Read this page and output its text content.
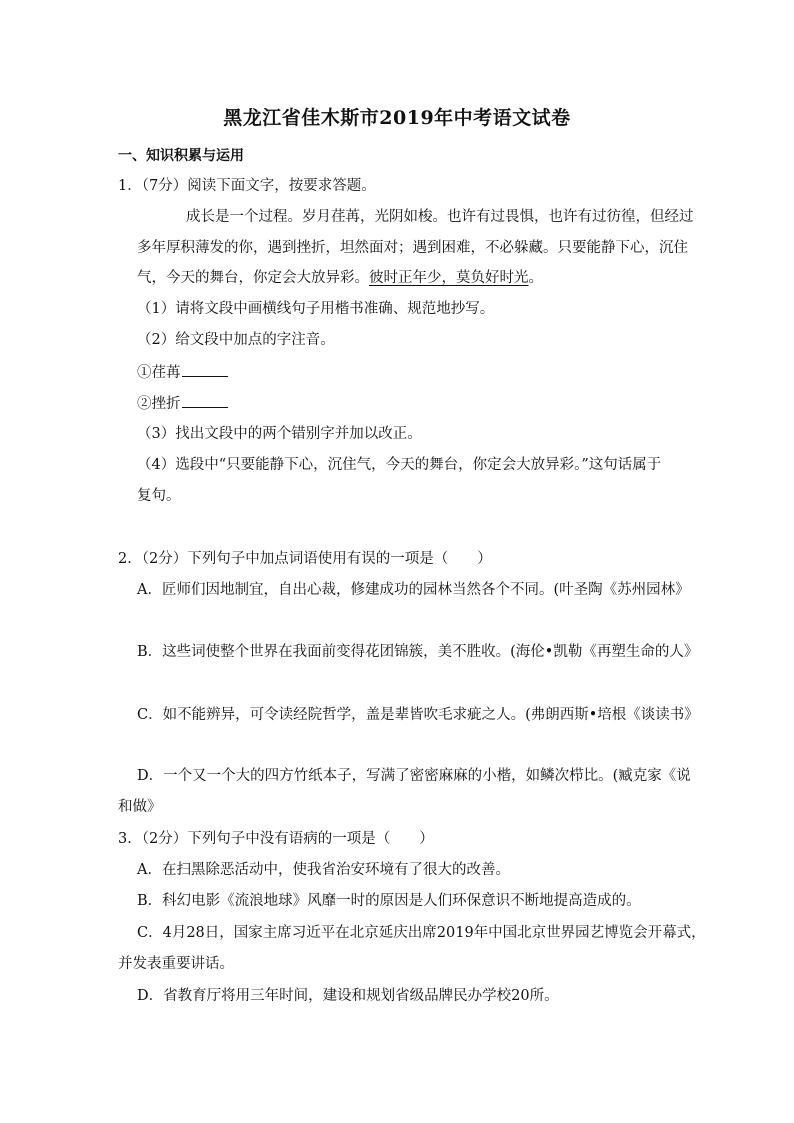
黑龙江省佳木斯市2019年中考语文试卷
一、知识积累与运用
1．（7分）阅读下面文字，按要求答题。
成长是一个过程。岁月荏苒，光阴如梭。也许有过畏惧，也许有过彷徨，但经过
多年厚积薄发的你，遇到挫折，坦然面对；遇到困难，不必躲藏。只要能静下心，沉住
气，今天的舞台，你定会大放异彩。彼时正年少，莫负好时光。
（1）请将文段中画横线句子用楷书准确、规范地抄写。
（2）给文段中加点的字注音。
①荏苒
②挫折
（3）找出文段中的两个错别字并加以改正。
（4）选段中“只要能静下心，沉住气，今天的舞台，你定会大放异彩。”这句话属于
复句。
2．（2分）下列句子中加点词语使用有误的一项是（　　）
A．匠师们因地制宜，自出心裁，修建成功的园林当然各个不同。(叶圣陶《苏州园林》
B．这些词使整个世界在我面前变得花团锦簇，美不胜收。(海伦•凯勒《再塑生命的人》
C．如不能辨异，可令读经院哲学，盖是辈皆吹毛求疵之人。(弗朗西斯•培根《谈读书》
D．一个又一个大的四方竹纸本子，写满了密密麻麻的小楷，如鳞次栉比。(臧克家《说
和做》
3．（2分）下列句子中没有语病的一项是（　　）
A．在扫黑除恶活动中，使我省治安环境有了很大的改善。
B．科幻电影《流浪地球》风靡一时的原因是人们环保意识不断地提高造成的。
C．4月28日，国家主席习近平在北京延庆出席2019年中国北京世界园艺博览会开幕式，
并发表重要讲话。
D．省教育厅将用三年时间，建设和规划省级品牌民办学校20所。
